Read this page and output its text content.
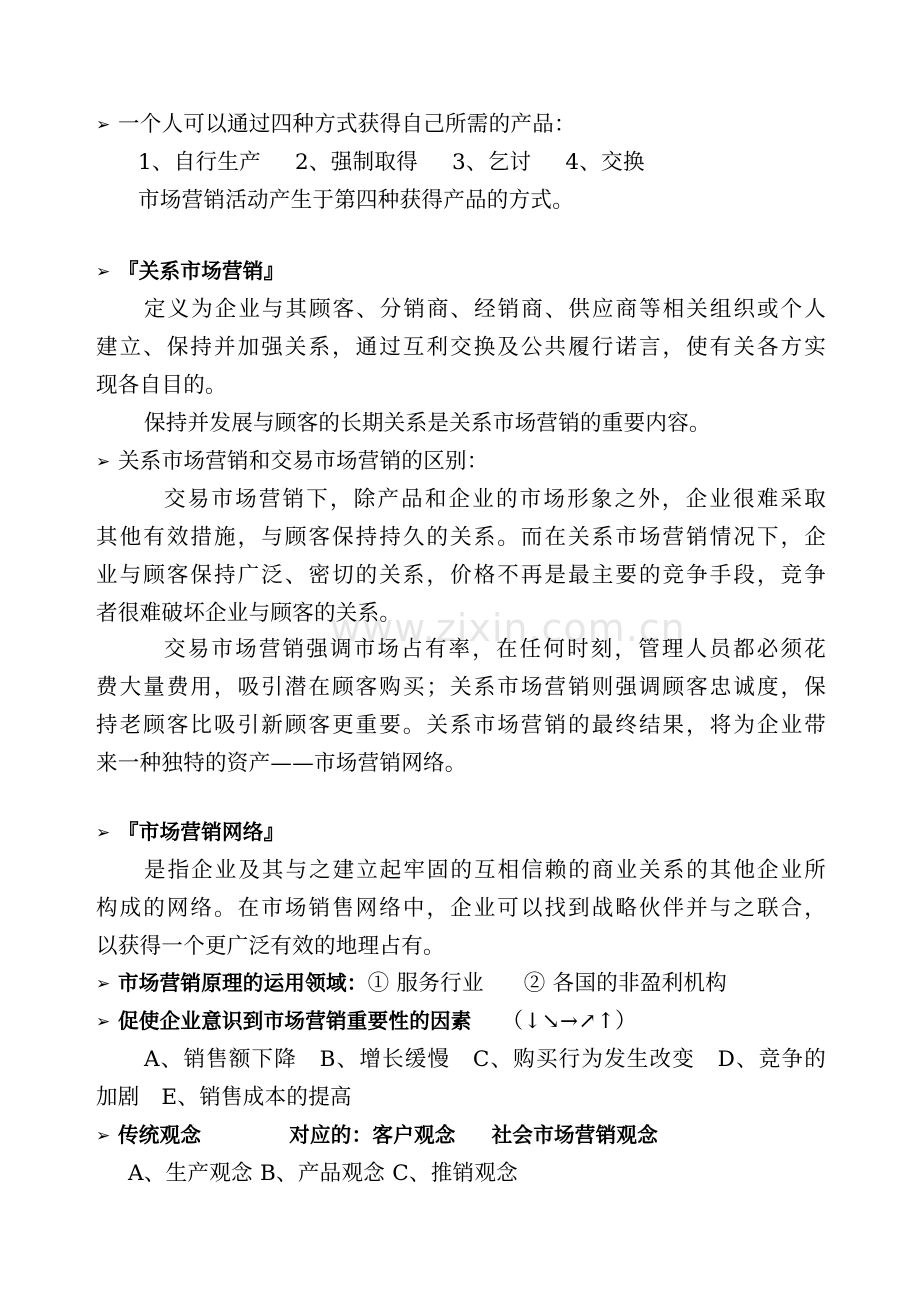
www.zixin.com.cn
➢ 一个人可以通过四种方式获得自己所需的产品：
1、自行生产 2、强制取得 3、乞讨 4、交换
市场营销活动产生于第四种获得产品的方式。
➢ 『关系市场营销』
定义为企业与其顾客、分销商、经销商、供应商等相关组织或个人
建立、保持并加强关系，通过互利交换及公共履行诺言，使有关各方实
现各自目的。
保持并发展与顾客的长期关系是关系市场营销的重要内容。
➢ 关系市场营销和交易市场营销的区别：
交易市场营销下，除产品和企业的市场形象之外，企业很难采取
其他有效措施，与顾客保持持久的关系。而在关系市场营销情况下，企
业与顾客保持广泛、密切的关系，价格不再是最主要的竞争手段，竞争
者很难破坏企业与顾客的关系。
交易市场营销强调市场占有率，在任何时刻，管理人员都必须花
费大量费用，吸引潜在顾客购买；关系市场营销则强调顾客忠诚度，保
持老顾客比吸引新顾客更重要。关系市场营销的最终结果，将为企业带
来一种独特的资产——市场营销网络。
➢ 『市场营销网络』
是指企业及其与之建立起牢固的互相信赖的商业关系的其他企业所
构成的网络。在市场销售网络中，企业可以找到战略伙伴并与之联合，
以获得一个更广泛有效的地理占有。
➢ 市场营销原理的运用领域：① 服务行业 ② 各国的非盈利机构
➢ 促使企业意识到市场营销重要性的因素 （↓↘→↗↑）
A、销售额下降　B、增长缓慢　C、购买行为发生改变　D、竞争的
加剧　E、销售成本的提高
➢ 传统观念	对应的：客户观念 社会市场营销观念
A、生产观念 B、产品观念 C、推销观念
